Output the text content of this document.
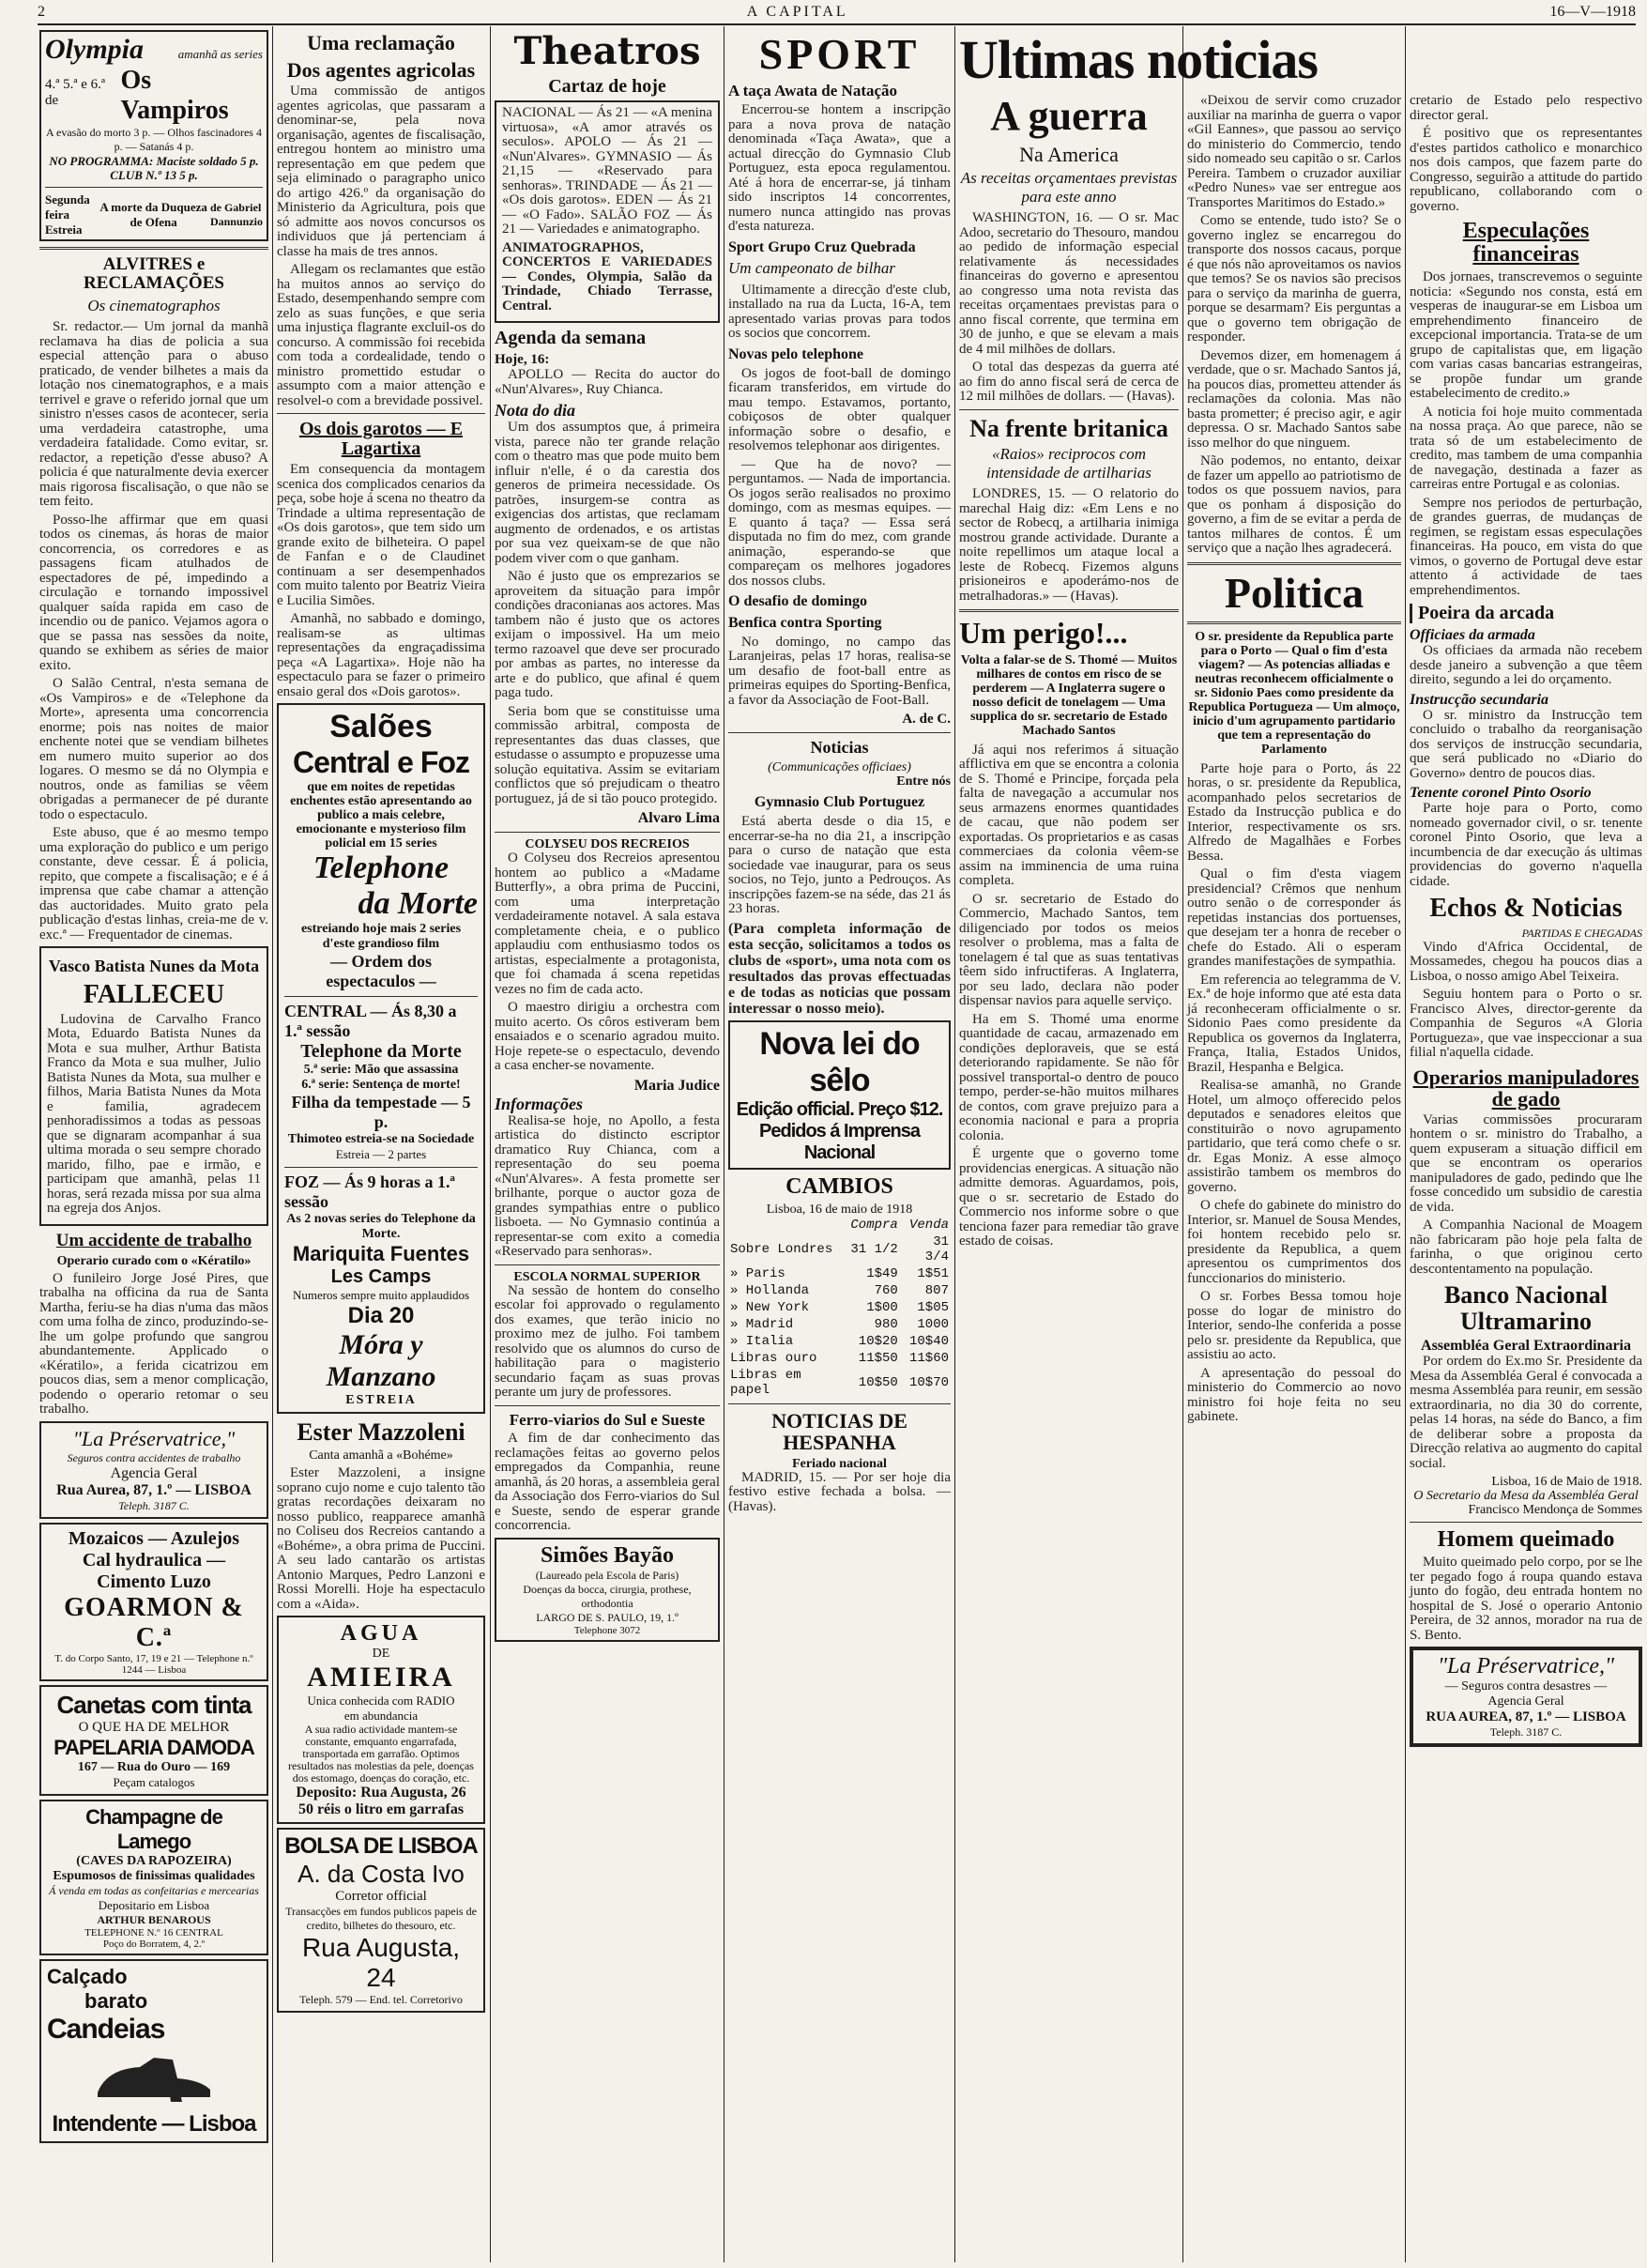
2	A CAPITAL	16—V—1918
Olympia	amanhã as series
4.ª 5.ª e 6.ª de
Os Vampiros
A evasão do morto 3 p. — Olhos fascinadores 4 p. — Satanás 4 p.
NO PROGRAMMA: Maciste soldado 5 p. CLUB N.º 13 5 p.
Segunda feira
Estreia
A morte da Duqueza de Ofena
de Gabriel
Dannunzio
ALVITRES e RECLAMAÇÕES
Os cinematographos

Sr. redactor.— Um jornal da manhã reclamava ha dias de policia a sua especial attenção para o abuso praticado, de vender bilhetes a mais da lotação nos cinematographos, e a mais terrivel e grave o referido jornal que um sinistro n'esses casos de acontecer, seria uma verdadeira catastrophe, uma verdadeira fatalidade. Como evitar, sr. redactor, a repetição d'esse abuso? A policia é que naturalmente devia exercer mais rigorosa fiscalisação, o que não se tem feito.

Posso-lhe affirmar que em quasi todos os cinemas, ás horas de maior concorrencia, os corredores e as passagens ficam atulhados de espectadores de pé, impedindo a circulação e tornando impossivel qualquer saída rapida em caso de incendio ou de panico. Vejamos agora o que se passa nas sessões da noite, quando se exhibem as séries de maior exito.

O Salão Central, n'esta semana de «Os Vampiros» e de «Telephone da Morte», apresenta uma concorrencia enorme; pois nas noites de maior enchente notei que se vendiam bilhetes em numero muito superior ao dos logares. O mesmo se dá no Olympia e noutros, onde as familias se vêem obrigadas a permanecer de pé durante todo o espectaculo.

Este abuso, que é ao mesmo tempo uma exploração do publico e um perigo constante, deve cessar. É á policia, repito, que compete a fiscalisação; e é á imprensa que cabe chamar a attenção das auctoridades. Muito grato pela publicação d'estas linhas, creia-me de v. exc.ª — Frequentador de cinemas.

Vasco Batista Nunes da Mota
FALLECEU

Ludovina de Carvalho Franco Mota, Eduardo Batista Nunes da Mota e sua mulher, Arthur Batista Franco da Mota e sua mulher, Julio Batista Nunes da Mota, sua mulher e filhos, Maria Batista Nunes da Mota e familia, agradecem penhoradissimos a todas as pessoas que se dignaram acompanhar á sua ultima morada o seu sempre chorado marido, filho, pae e irmão, e participam que amanhã, pelas 11 horas, será rezada missa por sua alma na egreja dos Anjos.

Um accidente de trabalho
Operario curado com o «Kératilo»

O funileiro Jorge José Pires, que trabalha na officina da rua de Santa Martha, feriu-se ha dias n'uma das mãos com uma folha de zinco, produzindo-se-lhe um golpe profundo que sangrou abundantemente. Applicado o «Kératilo», a ferida cicatrizou em poucos dias, sem a menor complicação, podendo o operario retomar o seu trabalho.

"La Préservatrice,"
Seguros contra accidentes de trabalho
Agencia Geral
Rua Aurea, 87, 1.º — LISBOA
Teleph. 3187 C.
Mozaicos — Azulejos
Cal hydraulica — Cimento Luzo
GOARMON & C.ª
T. do Corpo Santo, 17, 19 e 21 — Telephone n.º 1244 — Lisboa
Canetas com tinta
O QUE HA DE MELHOR
PAPELARIA DAMODA
167 — Rua do Ouro — 169
Peçam catalogos
Champagne de Lamego
(CAVES DA RAPOZEIRA)
Espumosos de finissimas qualidades
Á venda em todas as confeitarias e mercearias
Depositario em Lisboa
ARTHUR BENAROUS
TELEPHONE N.º 16 CENTRAL
Poço do Borratem, 4, 2.º
Calçado
barato
Candeias
Intendente — Lisboa
Uma reclamação
Dos agentes agricolas

Uma commissão de antigos agentes agricolas, que passaram a denominar-se, pela nova organisação, agentes de fiscalisação, entregou hontem ao ministro uma representação em que pedem que seja eliminado o paragrapho unico do artigo 426.º da organisação do Ministerio da Agricultura, pois que só admitte aos novos concursos os individuos que já pertenciam á classe ha mais de tres annos.

Allegam os reclamantes que estão ha muitos annos ao serviço do Estado, desempenhando sempre com zelo as suas funções, e que seria uma injustiça flagrante excluil-os do concurso. A commissão foi recebida com toda a cordealidade, tendo o ministro promettido estudar o assumpto com a maior attenção e resolvel-o com a brevidade possivel.

Os dois garotos — E Lagartixa

Em consequencia da montagem scenica dos complicados cenarios da peça, sobe hoje á scena no theatro da Trindade a ultima representação de «Os dois garotos», que tem sido um grande exito de bilheteira. O papel de Fanfan e o de Claudinet continuam a ser desempenhados com muito talento por Beatriz Vieira e Lucilia Simões.

Amanhã, no sabbado e domingo, realisam-se as ultimas representações da engraçadissima peça «A Lagartixa». Hoje não ha espectaculo para se fazer o primeiro ensaio geral dos «Dois garotos».

Salões
Central e Foz
que em noites de repetidas enchentes estão apresentando ao publico a mais celebre, emocionante e mysterioso film policial em 15 series
Telephone
da Morte
estreiando hoje mais 2 series d'este grandioso film
— Ordem dos espectaculos —
CENTRAL — Ás 8,30 a 1.ª sessão
Telephone da Morte
5.ª serie: Mão que assassina
6.ª serie: Sentença de morte!
Filha da tempestade — 5 p.
Thimoteo estreia-se na Sociedade
Estreia — 2 partes
FOZ — Ás 9 horas a 1.ª sessão
As 2 novas series do Telephone da Morte.
Mariquita Fuentes
Les Camps
Numeros sempre muito applaudidos
Dia 20
Móra y Manzano
ESTREIA
Ester Mazzoleni
Canta amanhã a «Bohéme»

Ester Mazzoleni, a insigne soprano cujo nome e cujo talento tão gratas recordações deixaram no nosso publico, reapparece amanhã no Coliseu dos Recreios cantando a «Bohéme», a obra prima de Puccini. A seu lado cantarão os artistas Antonio Marques, Pedro Lanzoni e Rossi Morelli. Hoje ha espectaculo com a «Aida».

AGUA
DE
AMIEIRA
Unica conhecida com RADIO
em abundancia
A sua radio actividade mantem-se constante, emquanto engarrafada, transportada em garrafão. Optimos resultados nas molestias da pele, doenças dos estomago, doenças do coração, etc.
Deposito: Rua Augusta, 26
50 réis o litro em garrafas
BOLSA DE LISBOA
A. da Costa Ivo
Corretor official
Transacções em fundos publicos papeis de credito, bilhetes do thesouro, etc.
Rua Augusta, 24
Teleph. 579 — End. tel. Corretorivo
Theatros
Cartaz de hoje

NACIONAL — Ás 21 — «A menina virtuosa», «A amor através os seculos». APOLO — Ás 21 — «Nun'Alvares». GYMNASIO — Ás 21,15 — «Reservado para senhoras». TRINDADE — Ás 21 — «Os dois garotos». EDEN — Ás 21 — «O Fado». SALÃO FOZ — Ás 21 — Variedades e animatographo.

ANIMATOGRAPHOS, CONCERTOS E VARIEDADES — Condes, Olympia, Salão da Trindade, Chiado Terrasse, Central.

Agenda da semana
Hoje, 16:

APOLLO — Recita do auctor do «Nun'Alvares», Ruy Chianca.

Nota do dia

Um dos assumptos que, á primeira vista, parece não ter grande relação com o theatro mas que pode muito bem influir n'elle, é o da carestia dos generos de primeira necessidade. Os patrões, insurgem-se contra as exigencias dos artistas, que reclamam augmento de ordenados, e os artistas por sua vez queixam-se de que não podem viver com o que ganham.

Não é justo que os emprezarios se aproveitem da situação para impôr condições draconianas aos actores. Mas tambem não é justo que os actores exijam o impossivel. Ha um meio termo razoavel que deve ser procurado por ambas as partes, no interesse da arte e do publico, que afinal é quem paga tudo.

Seria bom que se constituisse uma commissão arbitral, composta de representantes das duas classes, que estudasse o assumpto e propuzesse uma solução equitativa. Assim se evitariam conflictos que só prejudicam o theatro portuguez, já de si tão pouco protegido.

Alvaro Lima
COLYSEU DOS RECREIOS

O Colyseu dos Recreios apresentou hontem ao publico a «Madame Butterfly», a obra prima de Puccini, com uma interpretação verdadeiramente notavel. A sala estava completamente cheia, e o publico applaudiu com enthusiasmo todos os artistas, especialmente a protagonista, que foi chamada á scena repetidas vezes no fim de cada acto.

O maestro dirigiu a orchestra com muito acerto. Os côros estiveram bem ensaiados e o scenario agradou muito. Hoje repete-se o espectaculo, devendo a casa encher-se novamente.

Maria Judice
Informações

Realisa-se hoje, no Apollo, a festa artistica do distincto escriptor dramatico Ruy Chianca, com a representação do seu poema «Nun'Alvares». A festa promette ser brilhante, porque o auctor goza de grandes sympathias entre o publico lisboeta. — No Gymnasio continúa a representar-se com exito a comedia «Reservado para senhoras».

ESCOLA NORMAL SUPERIOR

Na sessão de hontem do conselho escolar foi approvado o regulamento dos exames, que terão inicio no proximo mez de julho. Foi tambem resolvido que os alumnos do curso de habilitação para o magisterio secundario façam as suas provas perante um jury de professores.

Ferro-viarios do Sul e Sueste

A fim de dar conhecimento das reclamações feitas ao governo pelos empregados da Companhia, reune amanhã, ás 20 horas, a assembleia geral da Associação dos Ferro-viarios do Sul e Sueste, sendo de esperar grande concorrencia.

Simões Bayão
(Laureado pela Escola de Paris)
Doenças da bocca, cirurgia, prothese, orthodontia
LARGO DE S. PAULO, 19, 1.º
Telephone 3072
SPORT
A taça Awata de Natação

Encerrou-se hontem a inscripção para a nova prova de natação denominada «Taça Awata», que a actual direcção do Gymnasio Club Portuguez, esta epoca regulamentou. Até á hora de encerrar-se, já tinham sido inscriptos 14 concorrentes, numero nunca attingido nas provas d'esta natureza.

Sport Grupo Cruz Quebrada
Um campeonato de bilhar

Ultimamente a direcção d'este club, installado na rua da Lucta, 16-A, tem apresentado varias provas para todos os socios que concorrem.

Novas pelo telephone

Os jogos de foot-ball de domingo ficaram transferidos, em virtude do mau tempo. Estavamos, portanto, cobiçosos de obter qualquer informação sobre o desafio, e resolvemos telephonar aos dirigentes.

— Que ha de novo? — perguntamos. — Nada de importancia. Os jogos serão realisados no proximo domingo, com as mesmas equipes. — E quanto á taça? — Essa será disputada no fim do mez, com grande animação, esperando-se que compareçam os melhores jogadores dos nossos clubs.

O desafio de domingo
Benfica contra Sporting

No domingo, no campo das Laranjeiras, pelas 17 horas, realisa-se um desafio de foot-ball entre as primeiras equipes do Sporting-Benfica, a favor da Associação de Foot-Ball.

A. de C.
Noticias
(Communicações officiaes)
Entre nós
Gymnasio Club Portuguez

Está aberta desde o dia 15, e encerrar-se-ha no dia 21, a inscripção para o curso de natação que esta sociedade vae inaugurar, para os seus socios, no Tejo, junto a Pedrouços. As inscripções fazem-se na séde, das 21 ás 23 horas.

(Para completa informação de esta secção, solicitamos a todos os clubs de «sport», uma nota com os resultados das provas effectuadas e de todas as noticias que possam interessar o nosso meio).

Nova lei do sêlo
Edição official. Preço $12. Pedidos á Imprensa Nacional
CAMBIOS
Lisboa, 16 de maio de 1918
	Compra	Venda
Sobre Londres	31 1/2	31 3/4
» Paris	1$49	1$51
» Hollanda	760	807
» New York	1$00	1$05
» Madrid	980	1000
» Italia	10$20	10$40
Libras ouro	11$50	11$60
Libras em papel	10$50	10$70
NOTICIAS DE HESPANHA
Feriado nacional

MADRID, 15. — Por ser hoje dia festivo estive fechada a bolsa. — (Havas).

Ultimas noticias
A guerra
Na America
As receitas orçamentaes previstas para este anno

WASHINGTON, 16. — O sr. Mac Adoo, secretario do Thesouro, mandou ao pedido de informação especial relativamente ás necessidades financeiras do governo e apresentou ao congresso uma nota revista das receitas orçamentaes previstas para o anno fiscal corrente, que termina em 30 de junho, e que se elevam a mais de 4 mil milhões de dollars.

O total das despezas da guerra até ao fim do anno fiscal será de cerca de 12 mil milhões de dollars. — (Havas).

Na frente britanica
«Raios» reciprocos com intensidade de artilharias

LONDRES, 15. — O relatorio do marechal Haig diz: «Em Lens e no sector de Robecq, a artilharia inimiga mostrou grande actividade. Durante a noite repellimos um ataque local a leste de Robecq. Fizemos alguns prisioneiros e apoderámo-nos de metralhadoras.» — (Havas).

Um perigo!...
Volta a falar-se de S. Thomé — Muitos milhares de contos em risco de se perderem — A Inglaterra sugere o nosso deficit de tonelagem — Uma supplica do sr. secretario de Estado Machado Santos

Já aqui nos referimos á situação afflictiva em que se encontra a colonia de S. Thomé e Principe, forçada pela falta de navegação a accumular nos seus armazens enormes quantidades de cacau, que não podem ser exportadas. Os proprietarios e as casas commerciaes da colonia vêem-se assim na imminencia de uma ruina completa.

O sr. secretario de Estado do Commercio, Machado Santos, tem diligenciado por todos os meios resolver o problema, mas a falta de tonelagem é tal que as suas tentativas têem sido infructiferas. A Inglaterra, por seu lado, declara não poder dispensar navios para aquelle serviço.

Ha em S. Thomé uma enorme quantidade de cacau, armazenado em condições deploraveis, que se está deteriorando rapidamente. Se não fôr possivel transportal-o dentro de pouco tempo, perder-se-hão muitos milhares de contos, com grave prejuizo para a economia nacional e para a propria colonia.

É urgente que o governo tome providencias energicas. A situação não admitte demoras. Aguardamos, pois, que o sr. secretario de Estado do Commercio nos informe sobre o que tenciona fazer para remediar tão grave estado de coisas.

«Deixou de servir como cruzador auxiliar na marinha de guerra o vapor «Gil Eannes», que passou ao serviço do ministerio do Commercio, tendo sido nomeado seu capitão o sr. Carlos Pereira. Tambem o cruzador auxiliar «Pedro Nunes» vae ser entregue aos Transportes Maritimos do Estado.»

Como se entende, tudo isto? Se o governo inglez se encarregou do transporte dos nossos cacaus, porque é que nós não aproveitamos os navios que temos? Se os navios são precisos para o serviço da marinha de guerra, porque se desarmam? Eis perguntas a que o governo tem obrigação de responder.

Devemos dizer, em homenagem á verdade, que o sr. Machado Santos já, ha poucos dias, prometteu attender ás reclamações da colonia. Mas não basta prometter; é preciso agir, e agir depressa. O sr. Machado Santos sabe isso melhor do que ninguem.

Não podemos, no entanto, deixar de fazer um appello ao patriotismo de todos os que possuem navios, para que os ponham á disposição do governo, a fim de se evitar a perda de tantos milhares de contos. É um serviço que a nação lhes agradecerá.

Politica
O sr. presidente da Republica parte para o Porto — Qual o fim d'esta viagem? — As potencias alliadas e neutras reconhecem officialmente o sr. Sidonio Paes como presidente da Republica Portugueza — Um almoço, inicio d'um agrupamento partidario que tem a representação do Parlamento

Parte hoje para o Porto, ás 22 horas, o sr. presidente da Republica, acompanhado pelos secretarios de Estado da Instrucção publica e do Interior, respectivamente os srs. Alfredo de Magalhães e Forbes Bessa.

Qual o fim d'esta viagem presidencial? Crêmos que nenhum outro senão o de corresponder ás repetidas instancias dos portuenses, que desejam ter a honra de receber o chefe do Estado. Ali o esperam grandes manifestações de sympathia.

Em referencia ao telegramma de V. Ex.ª de hoje informo que até esta data já reconheceram officialmente o sr. Sidonio Paes como presidente da Republica os governos da Inglaterra, França, Italia, Estados Unidos, Brazil, Hespanha e Belgica.

Realisa-se amanhã, no Grande Hotel, um almoço offerecido pelos deputados e senadores eleitos que constituirão o novo agrupamento partidario, que terá como chefe o sr. dr. Egas Moniz. A esse almoço assistirão tambem os membros do governo.

O chefe do gabinete do ministro do Interior, sr. Manuel de Sousa Mendes, foi hontem recebido pelo sr. presidente da Republica, a quem apresentou os cumprimentos dos funccionarios do ministerio.

O sr. Forbes Bessa tomou hoje posse do logar de ministro do Interior, sendo-lhe conferida a posse pelo sr. presidente da Republica, que assistiu ao acto.

A apresentação do pessoal do ministerio do Commercio ao novo ministro foi hoje feita no seu gabinete.

cretario de Estado pelo respectivo director geral.

É positivo que os representantes d'estes partidos catholico e monarchico nos dois campos, que fazem parte do Congresso, seguirão a attitude do partido republicano, collaborando com o governo.

Especulações financeiras

Dos jornaes, transcrevemos o seguinte noticia: «Segundo nos consta, está em vesperas de inaugurar-se em Lisboa um emprehendimento financeiro de excepcional importancia. Trata-se de um grupo de capitalistas que, em ligação com varias casas bancarias estrangeiras, se propõe fundar um grande estabelecimento de credito.»

A noticia foi hoje muito commentada na nossa praça. Ao que parece, não se trata só de um estabelecimento de credito, mas tambem de uma companhia de navegação, destinada a fazer as carreiras entre Portugal e as colonias.

Sempre nos periodos de perturbação, de grandes guerras, de mudanças de regimen, se registam essas especulações financeiras. Ha pouco, em vista do que vimos, o governo de Portugal deve estar attento á actividade de taes emprehendimentos.

Poeira da arcada
Officiaes da armada

Os officiaes da armada não recebem desde janeiro a subvenção a que têem direito, segundo a lei do orçamento.

Instrucção secundaria

O sr. ministro da Instrucção tem concluido o trabalho da reorganisação dos serviços de instrucção secundaria, que será publicado no «Diario do Governo» dentro de poucos dias.

Tenente coronel Pinto Osorio

Parte hoje para o Porto, como nomeado governador civil, o sr. tenente coronel Pinto Osorio, que leva a incumbencia de dar execução ás ultimas providencias do governo n'aquella cidade.

Echos & Noticias
PARTIDAS E CHEGADAS

Vindo d'Africa Occidental, de Mossamedes, chegou ha poucos dias a Lisboa, o nosso amigo Abel Teixeira.

Seguiu hontem para o Porto o sr. Francisco Alves, director-gerente da Companhia de Seguros «A Gloria Portugueza», que vae inspeccionar a sua filial n'aquella cidade.

Operarios manipuladores de gado

Varias commissões procuraram hontem o sr. ministro do Trabalho, a quem expuseram a situação difficil em que se encontram os operarios manipuladores de gado, pedindo que lhe fosse concedido um subsidio de carestia de vida.

A Companhia Nacional de Moagem não fabricaram pão hoje pela falta de farinha, o que originou certo descontentamento na população.

Banco Nacional Ultramarino
Assembléa Geral Extraordinaria

Por ordem do Ex.mo Sr. Presidente da Mesa da Assembléa Geral é convocada a mesma Assembléa para reunir, em sessão extraordinaria, no dia 30 do corrente, pelas 14 horas, na séde do Banco, a fim de deliberar sobre a proposta da Direcção relativa ao augmento do capital social.

Lisboa, 16 de Maio de 1918.
O Secretario da Mesa da Assembléa Geral
Francisco Mendonça de Sommes
Homem queimado

Muito queimado pelo corpo, por se lhe ter pegado fogo á roupa quando estava junto do fogão, deu entrada hontem no hospital de S. José o operario Antonio Pereira, de 32 annos, morador na rua de S. Bento.

"La Préservatrice,"
— Seguros contra desastres —
Agencia Geral
RUA AUREA, 87, 1.º — LISBOA
Teleph. 3187 C.
